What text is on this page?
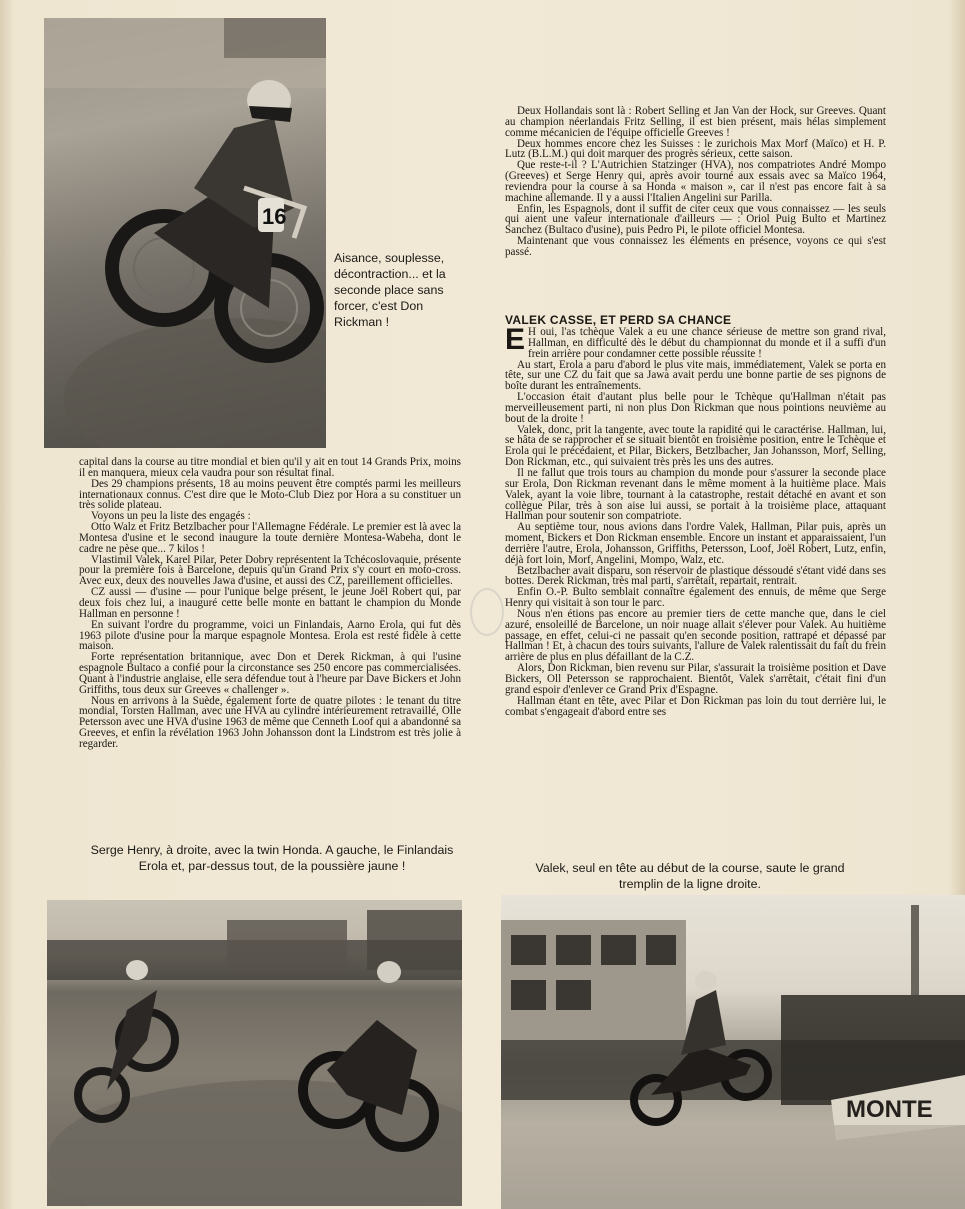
16
Aisance, souplesse, décontraction... et la seconde place sans forcer, c'est Don Rickman !

Deux Hollandais sont là : Robert Selling et Jan Van der Hock, sur Greeves. Quant au champion néerlandais Fritz Selling, il est bien présent, mais hélas simplement comme mécanicien de l'équipe officielle Greeves !

Deux hommes encore chez les Suisses : le zurichois Max Morf (Maïco) et H. P. Lutz (B.L.M.) qui doit marquer des progrès sérieux, cette saison.

Que reste-t-il ? L'Autrichien Statzinger (HVA), nos compatriotes André Mompo (Greeves) et Serge Henry qui, après avoir tourné aux essais avec sa Maïco 1964, reviendra pour la course à sa Honda « maison », car il n'est pas encore fait à sa machine allemande. Il y a aussi l'Italien Angelini sur Parilla.

Enfin, les Espagnols, dont il suffit de citer ceux que vous connaissez — les seuls qui aient une valeur internationale d'ailleurs — : Oriol Puig Bulto et Martinez Sanchez (Bultaco d'usine), puis Pedro Pi, le pilote officiel Montesa.

Maintenant que vous connaissez les éléments en présence, voyons ce qui s'est passé.

VALEK CASSE, ET PERD SA CHANCE

E H oui, l'as tchèque Valek a eu une chance sérieuse de mettre son grand rival, Hallman, en difficulté dès le début du championnat du monde et il a suffi d'un frein arrière pour condamner cette possible réussite !

Au start, Erola a paru d'abord le plus vite mais, immédiatement, Valek se porta en tête, sur une CZ du fait que sa Jawa avait perdu une bonne partie de ses pignons de boîte durant les entraînements.

L'occasion était d'autant plus belle pour le Tchèque qu'Hallman n'était pas merveilleusement parti, ni non plus Don Rickman que nous pointions neuvième au bout de la droite !

Valek, donc, prit la tangente, avec toute la rapidité qui le caractérise. Hallman, lui, se hâta de se rapprocher et se situait bientôt en troisième position, entre le Tchèque et Erola qui le précédaient, et Pilar, Bickers, Betzlbacher, Jan Johansson, Morf, Selling, Don Rickman, etc., qui suivaient très près les uns des autres.

Il ne fallut que trois tours au champion du monde pour s'assurer la seconde place sur Erola, Don Rickman revenant dans le même moment à la huitième place. Mais Valek, ayant la voie libre, tournant à la catastrophe, restait détaché en avant et son collègue Pilar, très à son aise lui aussi, se portait à la troisième place, attaquant Hallman pour soutenir son compatriote.

Au septième tour, nous avions dans l'ordre Valek, Hallman, Pilar puis, après un moment, Bickers et Don Rickman ensemble. Encore un instant et apparaissaient, l'un derrière l'autre, Erola, Johansson, Griffiths, Petersson, Loof, Joël Robert, Lutz, enfin, déjà fort loin, Morf, Angelini, Mompo, Walz, etc.

Betzlbacher avait disparu, son réservoir de plastique déssoudé s'étant vidé dans ses bottes. Derek Rickman, très mal parti, s'arrêtait, repartait, rentrait.

Enfin O.-P. Bulto semblait connaître également des ennuis, de même que Serge Henry qui visitait à son tour le parc.

Nous n'en étions pas encore au premier tiers de cette manche que, dans le ciel azuré, ensoleillé de Barcelone, un noir nuage allait s'élever pour Valek. Au huitième passage, en effet, celui-ci ne passait qu'en seconde position, rattrapé et dépassé par Hallman ! Et, à chacun des tours suivants, l'allure de Valek ralentissait du fait du frein arrière de plus en plus défaillant de la C.Z.

Alors, Don Rickman, bien revenu sur Pilar, s'assurait la troisième position et Dave Bickers, Oll Petersson se rapprochaient. Bientôt, Valek s'arrêtait, c'était fini d'un grand espoir d'enlever ce Grand Prix d'Espagne.

Hallman étant en tête, avec Pilar et Don Rickman pas loin du tout derrière lui, le combat s'engageait d'abord entre ses

capital dans la course au titre mondial et bien qu'il y ait en tout 14 Grands Prix, moins il en manquera, mieux cela vaudra pour son résultat final.

Des 29 champions présents, 18 au moins peuvent être comptés parmi les meilleurs internationaux connus. C'est dire que le Moto-Club Diez por Hora a su constituer un très solide plateau.

Voyons un peu la liste des engagés :

Otto Walz et Fritz Betzlbacher pour l'Allemagne Fédérale. Le premier est là avec la Montesa d'usine et le second inaugure la toute dernière Montesa-Wabeha, dont le cadre ne pèse que... 7 kilos !

Vlastimil Valek, Karel Pilar, Peter Dobry représentent la Tchécoslovaquie, présente pour la première fois à Barcelone, depuis qu'un Grand Prix s'y court en moto-cross. Avec eux, deux des nouvelles Jawa d'usine, et aussi des CZ, pareillement officielles.

CZ aussi — d'usine — pour l'unique belge présent, le jeune Joël Robert qui, par deux fois chez lui, a inauguré cette belle monte en battant le champion du Monde Hallman en personne !

En suivant l'ordre du programme, voici un Finlandais, Aarno Erola, qui fut dès 1963 pilote d'usine pour la marque espagnole Montesa. Erola est resté fidèle à cette maison.

Forte représentation britannique, avec Don et Derek Rickman, à qui l'usine espagnole Bultaco a confié pour la circonstance ses 250 encore pas commercialisées. Quant à l'industrie anglaise, elle sera défendue tout à l'heure par Dave Bickers et John Griffiths, tous deux sur Greeves « challenger ».

Nous en arrivons à la Suède, également forte de quatre pilotes : le tenant du titre mondial, Torsten Hallman, avec une HVA au cylindre intérieurement retravaillé, Olle Petersson avec une HVA d'usine 1963 de même que Cenneth Loof qui a abandonné sa Greeves, et enfin la révélation 1963 John Johansson dont la Lindstrom est très jolie à regarder.

Serge Henry, à droite, avec la twin Honda. A gauche, le Finlandais Erola et, par-dessus tout, de la poussière jaune !	Valek, seul en tête au début de la course, saute le grand tremplin de la ligne droite.
MONTE
